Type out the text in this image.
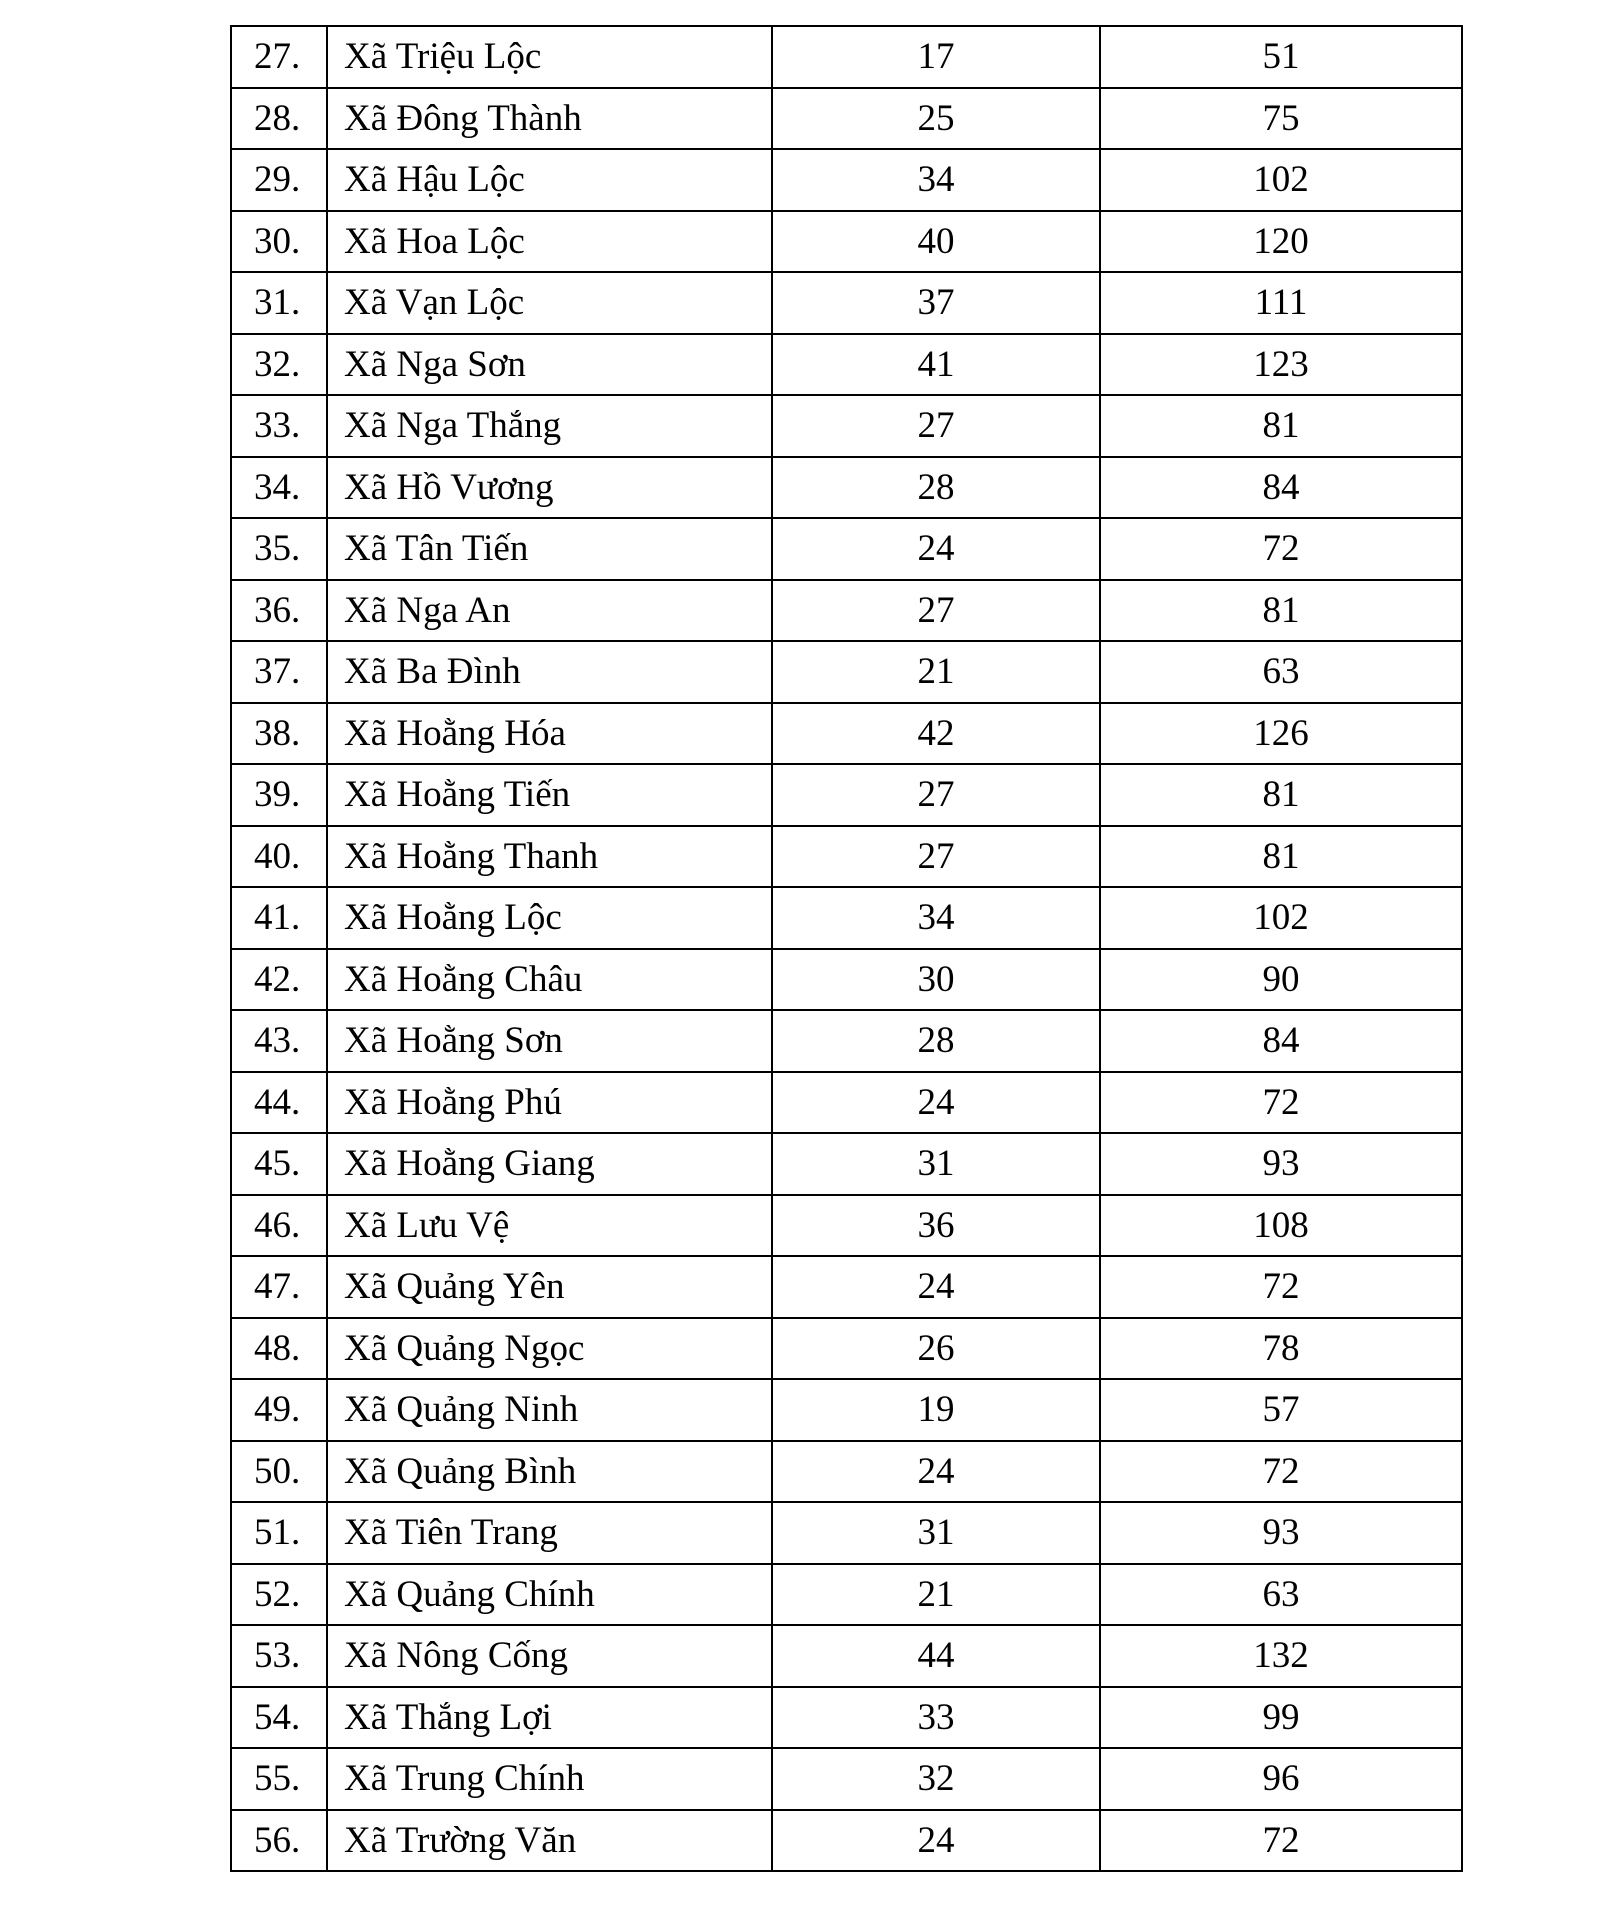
27.	Xã Triệu Lộc	17	51
28.	Xã Đông Thành	25	75
29.	Xã Hậu Lộc	34	102
30.	Xã Hoa Lộc	40	120
31.	Xã Vạn Lộc	37	111
32.	Xã Nga Sơn	41	123
33.	Xã Nga Thắng	27	81
34.	Xã Hồ Vương	28	84
35.	Xã Tân Tiến	24	72
36.	Xã Nga An	27	81
37.	Xã Ba Đình	21	63
38.	Xã Hoằng Hóa	42	126
39.	Xã Hoằng Tiến	27	81
40.	Xã Hoằng Thanh	27	81
41.	Xã Hoằng Lộc	34	102
42.	Xã Hoằng Châu	30	90
43.	Xã Hoằng Sơn	28	84
44.	Xã Hoằng Phú	24	72
45.	Xã Hoằng Giang	31	93
46.	Xã Lưu Vệ	36	108
47.	Xã Quảng Yên	24	72
48.	Xã Quảng Ngọc	26	78
49.	Xã Quảng Ninh	19	57
50.	Xã Quảng Bình	24	72
51.	Xã Tiên Trang	31	93
52.	Xã Quảng Chính	21	63
53.	Xã Nông Cống	44	132
54.	Xã Thắng Lợi	33	99
55.	Xã Trung Chính	32	96
56.	Xã Trường Văn	24	72
